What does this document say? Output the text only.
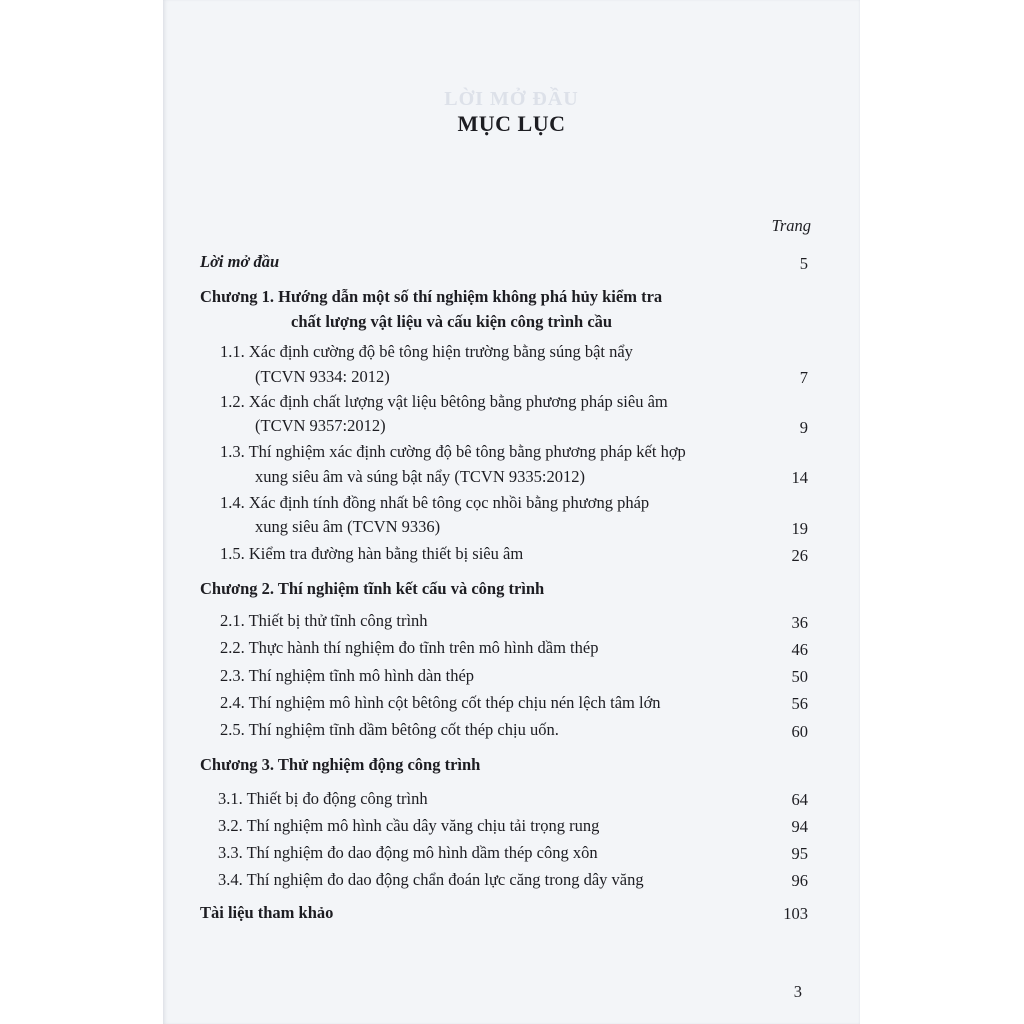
LỜI MỞ ĐẦU
MỤC LỤC
Trang
Lời mở đầu	5
Chương 1. Hướng dẫn một số thí nghiệm không phá hủy kiểm tra
chất lượng vật liệu và cấu kiện công trình cầu
1.1. Xác định cường độ bê tông hiện trường bằng súng bật nẩy
(TCVN 9334: 2012)	7
1.2. Xác định chất lượng vật liệu bêtông bằng phương pháp siêu âm
(TCVN 9357:2012)	9
1.3. Thí nghiệm xác định cường độ bê tông bằng phương pháp kết hợp
xung siêu âm và súng bật nẩy (TCVN 9335:2012)	14
1.4. Xác định tính đồng nhất bê tông cọc nhồi bằng phương pháp
xung siêu âm (TCVN 9336)	19
1.5. Kiểm tra đường hàn bằng thiết bị siêu âm	26
Chương 2. Thí nghiệm tĩnh kết cấu và công trình
2.1. Thiết bị thử tĩnh công trình	36
2.2. Thực hành thí nghiệm đo tĩnh trên mô hình dầm thép	46
2.3. Thí nghiệm tĩnh mô hình dàn thép	50
2.4. Thí nghiệm mô hình cột bêtông cốt thép chịu nén lệch tâm lớn	56
2.5. Thí nghiệm tĩnh dầm bêtông cốt thép chịu uốn.	60
Chương 3. Thử nghiệm động công trình
3.1. Thiết bị đo động công trình	64
3.2. Thí nghiệm mô hình cầu dây văng chịu tải trọng rung	94
3.3. Thí nghiệm đo dao động mô hình dầm thép công xôn	95
3.4. Thí nghiệm đo dao động chẩn đoán lực căng trong dây văng	96
Tài liệu tham khảo	103
3
